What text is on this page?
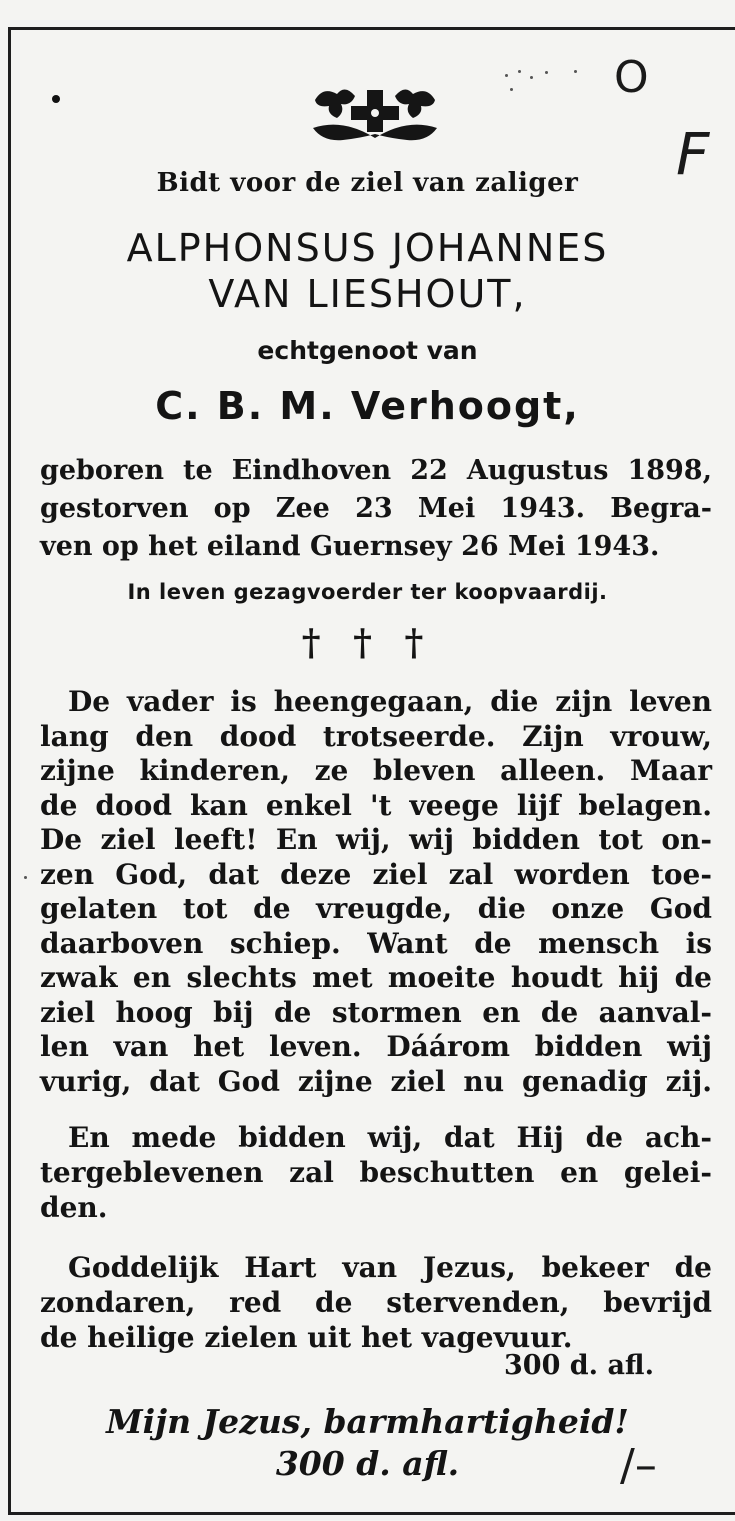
Bidt voor de ziel van zaliger

ALPHONSUS JOHANNES

VAN LIESHOUT,

echtgenoot van

C. B. M. Verhoogt,

geboren te Eindhoven 22 Augustus 1898,
gestorven op Zee 23 Mei 1943. Begra-
ven op het eiland Guernsey 26 Mei 1943.

In leven gezagvoerder ter koopvaardij.

† † †

De vader is heengegaan, die zijn leven
lang den dood trotseerde. Zijn vrouw,
zijne kinderen, ze bleven alleen. Maar
de dood kan enkel 't veege lijf belagen.
De ziel leeft! En wij, wij bidden tot on-
zen God, dat deze ziel zal worden toe-
gelaten tot de vreugde, die onze God
daarboven schiep. Want de mensch is
zwak en slechts met moeite houdt hij de
ziel hoog bij de stormen en de aanval-
len van het leven. Dáárom bidden wij
vurig, dat God zijne ziel nu genadig zij.
En mede bidden wij, dat Hij de ach-
tergeblevenen zal beschutten en gelei-
den.
Goddelijk Hart van Jezus, bekeer de
zondaren, red de stervenden, bevrijd
de heilige zielen uit het vagevuur.

300 d. afl.

Mijn Jezus, barmhartigheid!

300 d. afl.

O

F

/–
